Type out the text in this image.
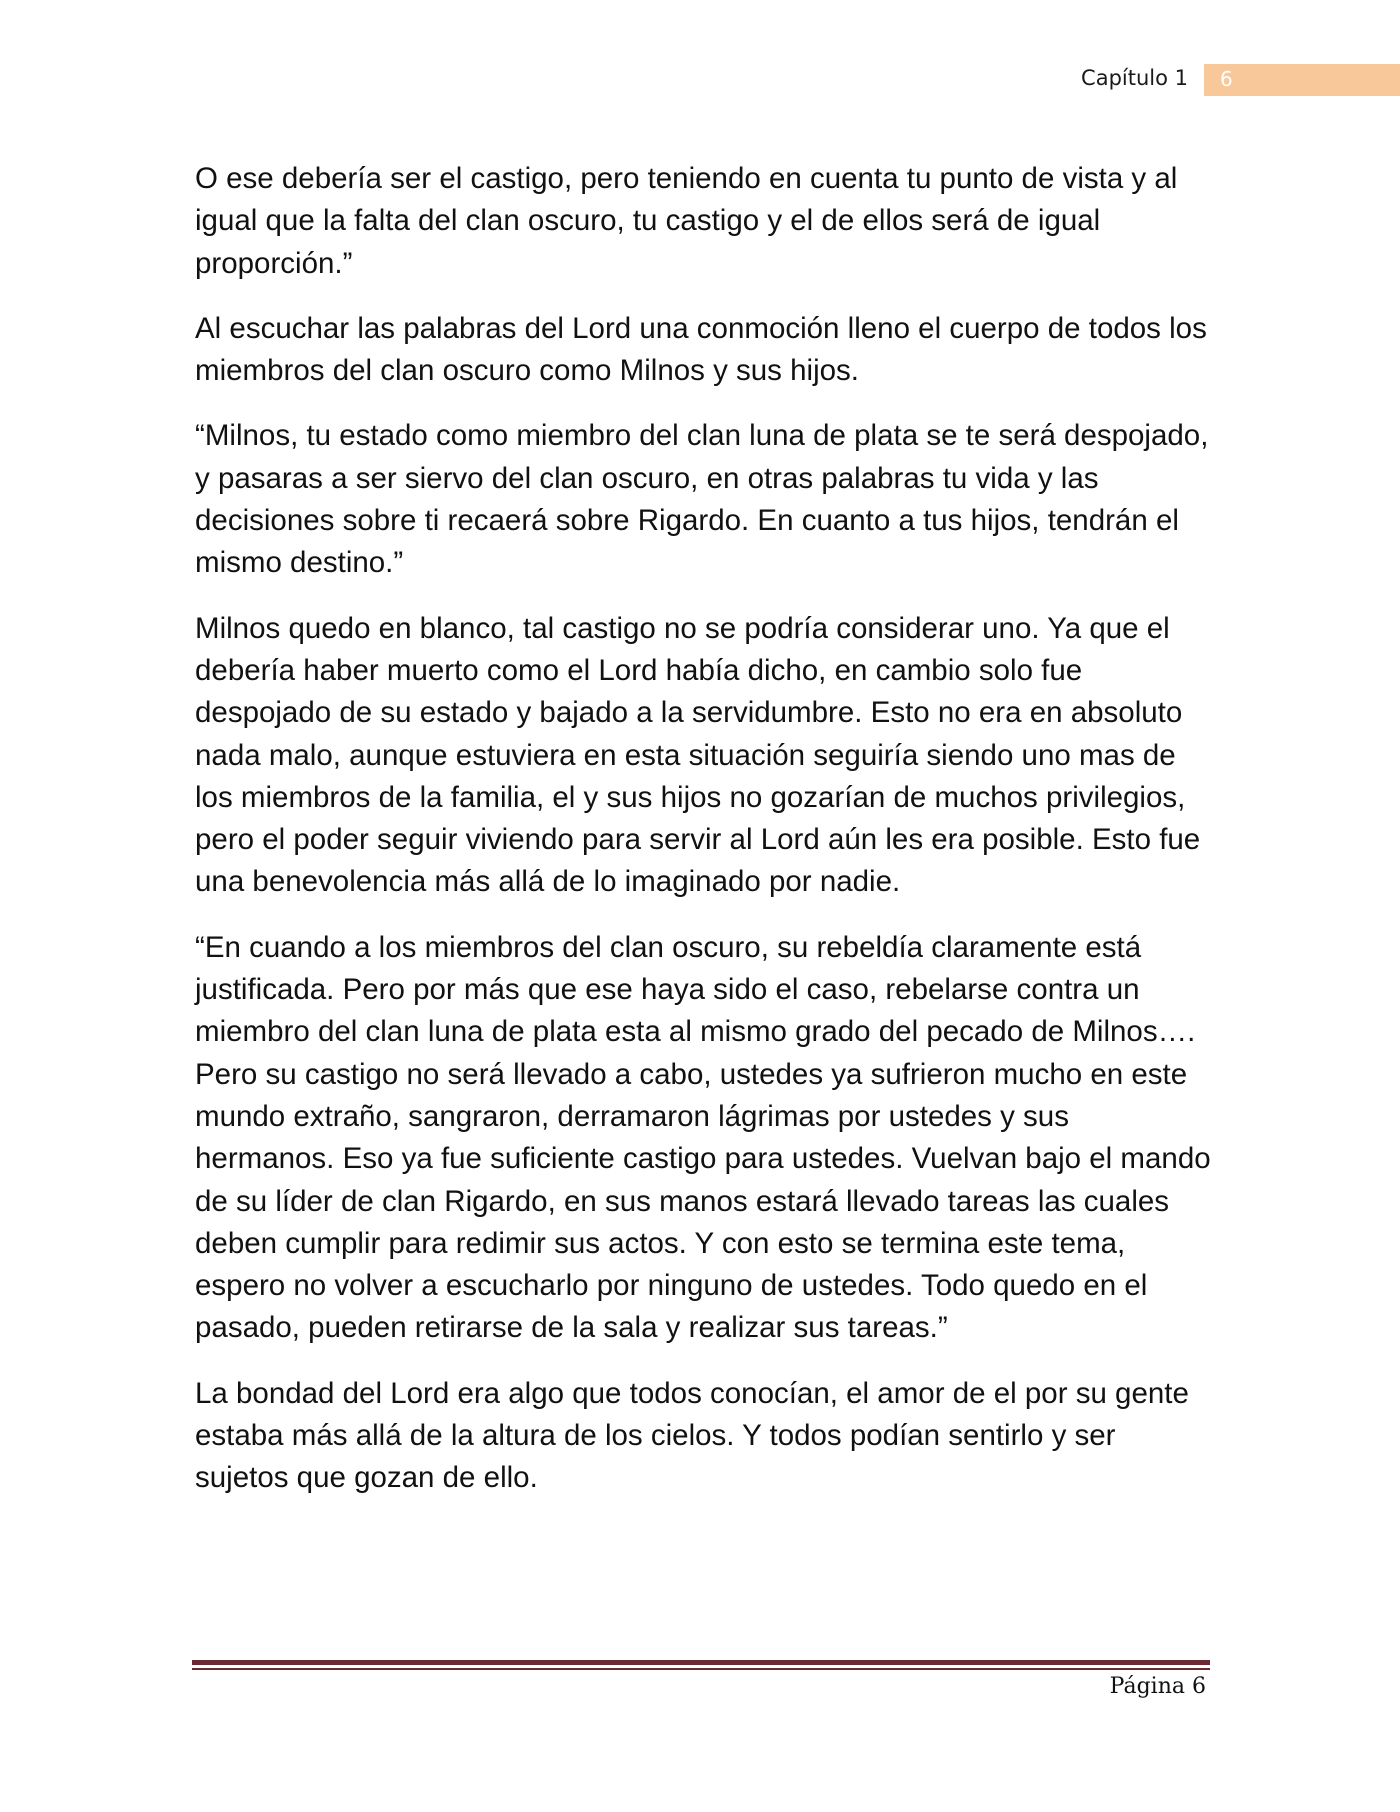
Capítulo 1 6

O ese debería ser el castigo, pero teniendo en cuenta tu punto de vista y al igual que la falta del clan oscuro, tu castigo y el de ellos será de igual proporción.”

Al escuchar las palabras del Lord una conmoción lleno el cuerpo de todos los miembros del clan oscuro como Milnos y sus hijos.

“Milnos, tu estado como miembro del clan luna de plata se te será despojado, y pasaras a ser siervo del clan oscuro, en otras palabras tu vida y las decisiones sobre ti recaerá sobre Rigardo. En cuanto a tus hijos, tendrán el mismo destino.”

Milnos quedo en blanco, tal castigo no se podría considerar uno. Ya que el debería haber muerto como el Lord había dicho, en cambio solo fue despojado de su estado y bajado a la servidumbre. Esto no era en absoluto nada malo, aunque estuviera en esta situación seguiría siendo uno mas de los miembros de la familia, el y sus hijos no gozarían de muchos privilegios, pero el poder seguir viviendo para servir al Lord aún les era posible. Esto fue una benevolencia más allá de lo imaginado por nadie.

“En cuando a los miembros del clan oscuro, su rebeldía claramente está justificada. Pero por más que ese haya sido el caso, rebelarse contra un miembro del clan luna de plata esta al mismo grado del pecado de Milnos…. Pero su castigo no será llevado a cabo, ustedes ya sufrieron mucho en este mundo extraño, sangraron, derramaron lágrimas por ustedes y sus hermanos. Eso ya fue suficiente castigo para ustedes. Vuelvan bajo el mando de su líder de clan Rigardo, en sus manos estará llevado tareas las cuales deben cumplir para redimir sus actos. Y con esto se termina este tema, espero no volver a escucharlo por ninguno de ustedes. Todo quedo en el pasado, pueden retirarse de la sala y realizar sus tareas.”

La bondad del Lord era algo que todos conocían, el amor de el por su gente estaba más allá de la altura de los cielos. Y todos podían sentirlo y ser sujetos que gozan de ello.

Página 6
